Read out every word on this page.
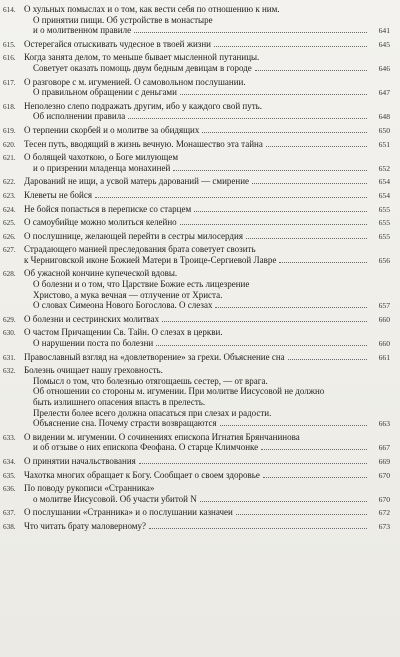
614. О хульных помыслах и о том, как вести себя по отношению к ним.
О принятии пищи. Об устройстве в монастыре
и о молитвенном правиле	641
615. Остерегайся отыскивать чудесное в твоей жизни	645
616. Когда занята делом, то меньше бывает мысленной путаницы.
Советует оказать помощь двум бедным девицам в городе	646
617. О разговоре с м. игуменией. О самовольном послушании.
О правильном обращении с деньгами	647
618. Неполезно слепо подражать другим, ибо у каждого свой путь.
Об исполнении правила	648
619. О терпении скорбей и о молитве за обидящих	650
620. Тесен путь, вводящий в жизнь вечную. Монашество эта тайна	651
621. О болящей чахоткою, о Боге милующем
и о призрении младенца монахиней	652
622. Дарований не ищи, а усвой матерь дарований — смирение	654
623. Клеветы не бойся	654
624. Не бойся попасться в переписке со старцем	655
625. О самоубийце можно молиться келейно	655
626. О послушнице, желающей перейти в сестры милосердия	655
627. Страдающего манией преследования брата советует свозить
к Черниговской иконе Божией Матери в Троице-Сергиевой Лавре	656
628. Об ужасной кончине купеческой вдовы.
О болезни и о том, что Царствие Божие есть лицезрение
Христово, а мука вечная — отлучение от Христа.
О словах Симеона Нового Богослова. О слезах	657
629. О болезни и сестринских молитвах	660
630. О частом Причащении Св. Тайн. О слезах в церкви.
О нарушении поста по болезни	660
631. Православный взгляд на «довлетворение» за грехи. Объяснение сна	661
632. Болезнь очищает нашу греховность.
Помысл о том, что болезнью отягощаешь сестер, — от врага.
Об отношении со стороны м. игумении. При молитве Иисусовой не должно
быть излишнего опасения впасть в прелесть.
Прелести более всего должна опасаться при слезах и радости.
Объяснение сна. Почему страсти возвращаются	663
633. О видении м. игумении. О сочинениях епископа Игнатия Брянчанинова
и об отзыве о них епископа Феофана. О старце Климчонке	667
634. О принятии начальствования	669
635. Чахотка многих обращает к Богу. Сообщает о своем здоровье	670
636. По поводу рукописи «Странника»
о молитве Иисусовой. Об участи убитой N	670
637. О послушании «Странника» и о послушании казначеи	672
638. Что читать брату маловерному?	673
